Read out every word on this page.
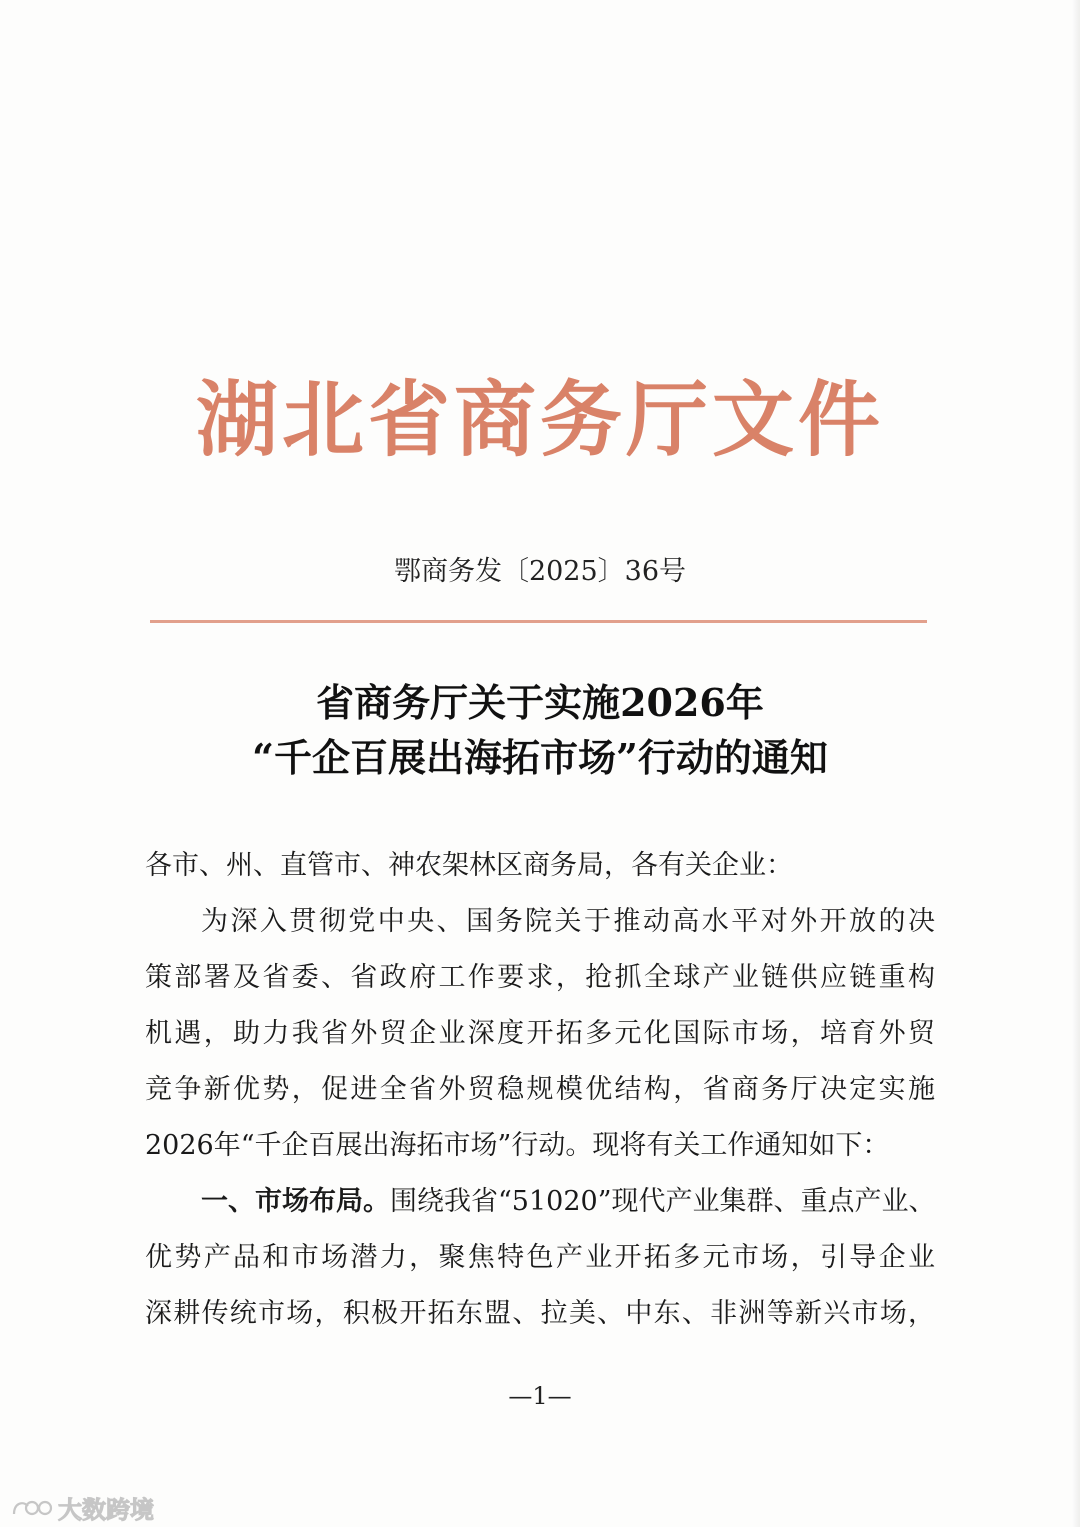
湖北省商务厅文件
鄂商务发〔2025〕36号
省商务厅关于实施2026年
“千企百展出海拓市场”行动的通知
各市、州、直管市、神农架林区商务局，各有关企业：
为深入贯彻党中央、国务院关于推动高水平对外开放的决
策部署及省委、省政府工作要求，抢抓全球产业链供应链重构
机遇，助力我省外贸企业深度开拓多元化国际市场，培育外贸
竞争新优势，促进全省外贸稳规模优结构，省商务厅决定实施
2026年“千企百展出海拓市场”行动。现将有关工作通知如下：
一、市场布局。围绕我省“51020”现代产业集群、重点产业、
优势产品和市场潜力，聚焦特色产业开拓多元市场，引导企业
深耕传统市场，积极开拓东盟、拉美、中东、非洲等新兴市场，
—1—
大数跨境
